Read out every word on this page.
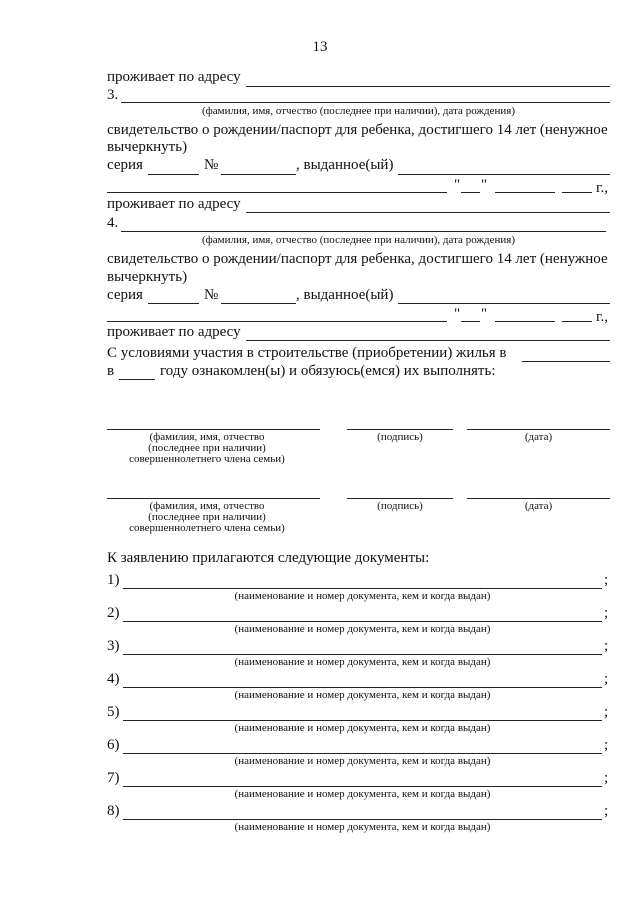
13
проживает по адресу
3.
(фамилия, имя, отчество (последнее при наличии), дата рождения)
свидетельство о рождении/паспорт для ребенка, достигшего 14 лет (ненужное
вычеркнуть)
серия	№	, выданное(ый)
" "	г.,
проживает по адресу
4.
(фамилия, имя, отчество (последнее при наличии), дата рождения)
свидетельство о рождении/паспорт для ребенка, достигшего 14 лет (ненужное
вычеркнуть)
серия	№	, выданное(ый)
" "	г.,
проживает по адресу
С условиями участия в строительстве (приобретении) жилья в
в	году ознакомлен(ы) и обязуюсь(емся) их выполнять:
(фамилия, имя, отчество
(последнее при наличии)
совершеннолетнего члена семьи)
(подпись)	(дата)
(фамилия, имя, отчество
(последнее при наличии)
совершеннолетнего члена семьи)
(подпись)	(дата)
К заявлению прилагаются следующие документы:
1)	;
(наименование и номер документа, кем и когда выдан)
2)	;
(наименование и номер документа, кем и когда выдан)
3)	;
(наименование и номер документа, кем и когда выдан)
4)	;
(наименование и номер документа, кем и когда выдан)
5)	;
(наименование и номер документа, кем и когда выдан)
6)	;
(наименование и номер документа, кем и когда выдан)
7)	;
(наименование и номер документа, кем и когда выдан)
8)	;
(наименование и номер документа, кем и когда выдан)
